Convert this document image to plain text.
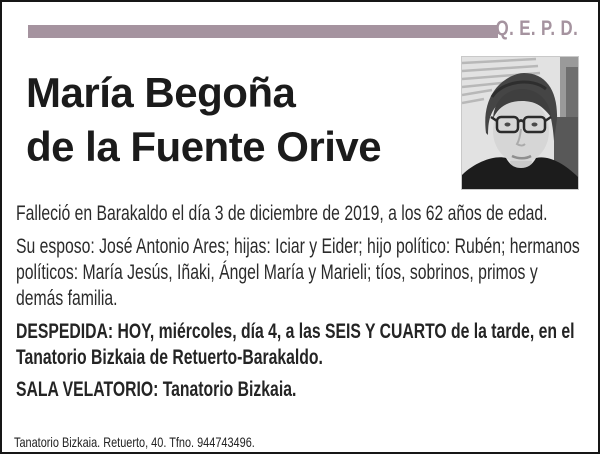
Q. E. P. D.
María Begoña
de la Fuente Orive

Falleció en Barakaldo el día 3 de diciembre de 2019, a los 62 años de edad.

Su esposo: José Antonio Ares; hijas: Iciar y Eider; hijo político: Rubén; hermanos políticos: María Jesús, Iñaki, Ángel María y Marieli; tíos, sobrinos, primos y demás familia.

DESPEDIDA: HOY, miércoles, día 4, a las SEIS Y CUARTO de la tarde, en el Tanatorio Bizkaia de Retuerto-Barakaldo.

SALA VELATORIO: Tanatorio Bizkaia.

Tanatorio Bizkaia. Retuerto, 40. Tfno. 944743496.
